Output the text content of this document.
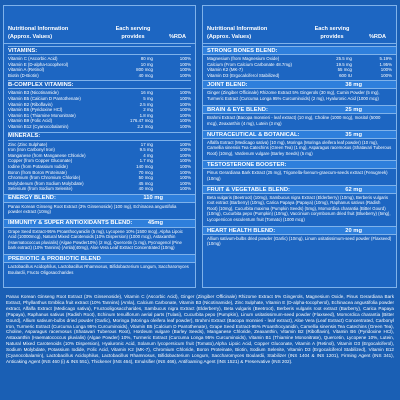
Nutritional Information
(Approx. Values)
Each serving
provides	%RDA
VITAMINS:
Vitamin C (Ascorbic Acid)	80 mg	100%
Vitamin E (D-alpha-tocopherol)	10 mg	100%
Vitamin A (Retinol)	800 mcg	100%
Biotin (D-Biotin)	40 mcg	100%
B-COMPLEX VITAMINS:
Vitamin B3 (Nicotinamide)	16 mg	100%
Vitamin B5 (Calcium D Pantothenate)	5 mg	100%
Vitamin B2 (Riboflavin)	2.5 mg	100%
Vitamin B6 (Pyridoxine HCl)	2 mg	100%
Vitamin B1 (Thiamine Mononitrate)	1.8 mg	100%
Vitamin B9 (Folic Acid)	176.47 mcg	100%
Vitamin B12 (Cyanocobalamin)	2.2 mcg	100%
MINERALS:
Zinc (Zinc Sulphate)	17 mg	100%
Iron (Iron Carbonyl Iron)	9.5 mg	100%
Manganese (from Manganese Chloride)	4 mg	100%
Copper (from Copper Gluconate)	1.7 mg	100%
Iodine (from Potassium Iodide)	140 mcg	100%
Boron (from Boron Proteinate)	70 mcg	100%
Chromium (from Chromium Chloride)	50 mcg	100%
Molybdenum (from Sodium Molybdate)	45 mcg	100%
Selenium (from Sodium Selenite)	40 mcg	100%
ENERGY BLEND:	110 mg
Panax Korean Ginseng Root Extract (3% Ginsenoside) (100 mg), Echinacea angustifolia powder extract (10mg)
IMMUNITY & SUPER ANTIOXIDANTS BLEND:	45mg
Grape Seed Extract-95% Proanthocyanidin (5 mg), Lycopene 10% (1500 mcg), Alpha Lipoic Acid (10000mcg), Natural Mixed Carotenoids (10% Dispersion) (1000 mcg), Astaxanthin (Haematococcus pluvialis) (Algae Powder10%) (2 mg), Quercetin (1 mg), Pycnogenol (Pine bark extract) (10% Tannins) (Amla)(40mg), Aloe Vera Leaf Extract Concentrated (10mg)
PREBIOTIC & PROBIOTIC BLEND
Lactobacillus Acidophilus, Lactobacillus Rhamnosus, Bifidobacterium Longum, Saccharomyces Boulardii, Fructo Oligosaccharides
Nutritional Information
(Approx. Values)
Each serving
provides	%RDA
STRONG BONES BLEND:
Magnesium (from Magnesium Oxide)	25.5 mg	5.19%
Calcium (From Calcium Carbonate 48.7mg)	19.5 mg	1.95%
Vitamin K2 (MK-7)	55 mcg	100%
Vitamin D3 (Ergocalciferol Stabilized)	600 IU	100%
JOINT BLEND:	38 mg
Ginger (Zingiber Officinale) Rhizome Extract 5% Gingerols (30 mg), Cumin Powder (5 mg), Turmeric Extract (Curcuma Longa 95% Curcuminoids) (2 mg), Hyaluronic Acid (1000 mcg)
BRAIN & EYE BLEND:	25 mg
Brahmi Extract (Bacopa monnieri - leaf extract) (10 mg), Choline (1000 mcg), Inositol (5000 mcg), Zeaxanthin (4 mg), Lutein (3 mg)
NUTRACEUTICAL & BOTANICAL:	35 mg
Alfalfa Extract (Medicago sativa) (10 mg), Moringa (Moringa oleifera leaf powder) (10 mg), Camellia sinensis Tea Catechins (Green Tea) (1 mg), Asparagus racemosus (Shatavari Tuberous Root) (10mg), Vardenum vulgare (Barley Seeds) (5 mg)
TESTOSTERONE BOOSTER:
Pinus Gerardiana Bark Extract (25 mg), Trigonella-foenum-graecum-seeds extract (Fenugreek) (10mg)
FRUIT & VEGETABLE BLEND:	62 mg
Beta vulgaris (Beetroot) (10mg), Sambucus nigra Extract (Elderberry) (10mg), Berberis vulgaris root extract (Barberry) (10mg), Carica Papaya (Papaya) (10mg), Raphanus sativus (Radish Root) (10mg), Cucurbita maxima (Pumpkin Seeds) (5mg), Momordica charantia (Bitter Gourd) (10mg), Cucurbita pepo (Pumpkin) (10mg), Vaccinium corymbosum dried fruit (Blueberry) (5mg), Lycopersicon esculentum fruit (Tomato) (1000 mcg)
HEART HEALTH BLEND:	20 mg
Allium sativum-bulbs dried powder (Garlic) (10mg), Linum usitatissimum-seed powder (Flaxseed) (10mg)
Panax Korean Ginseng Root Extract (3% Ginsenoside), Vitamin C (Ascorbic Acid), Ginger (Zingiber Officinale) Rhizome Extract 5% Gingerols, Magnesium Oxide, Pinus Gerardiana Bark Extract, Phyllanthus Emblica fruit extract (10% Tannins) (Amla), Calcium Carbonate, Vitamin B3 (Nicotinamide), Zinc Sulphate, Vitamin E (D-alpha-tocopherol), Echinacea angustifolia powder extract, Alfalfa Extract (Medicago sativa), Fructooligosaccharides, Sambucus nigra Extract (Elderberry), Beta vulgaris (Beetroot), Berberis vulgaris root extract (Barberry), Carica Papaya (Papaya), Raphanus sativus (Radish Root), Echinum tenuiflorum aerial parts (Tulasi), Cucurbita pepo (Pumpkin), Linum usitatissimum-seed powder (Flaxseed), Momordica charantia (Bitter Gourd), Allium sativum-bulbs dried powder (Garlic), Moringa (Moringa oleifera leaf powder), Brahmi Extract (Bacopa monnieri - leaf extract), Aloe Vera (Leaf Extract) Concentrated, Carbonyl Iron, Turmeric Extract (Curcuma Longa 95% Curcuminoids), Vitamin B5 (Calcium D Pantothenate), Grape Seed Extract-95% Proanthocyanidin, Camellia sinensis Tea Catechins (Green Tea), Choline, Asparagus racemosus (Shatavari Tuberous Root), Hordeum vulgare (Barley Seeds), Manganese Chloride, Zeaxanthin, Vitamin B2 (Riboflavin), Vitamin B6 (Pyridoxine HCl), Astaxanthin (Haematococcus pluvialis) (Algae Powder) 10%, Turmeric Extract (Curcuma Longa 95% Curcuminoids), Vitamin B1 (Thiamine Mononitrate), Quercetin, Lycopene 10%, Lutein, Natural Mixed Carotenoids (10% Dispersion), Hyaluronic Acid, Solanum lycopersicum fruit (Tomato),Alpha Lipoic Acid, Copper Gluconate, Vitamin A (Retinol), Vitamin D3 (Ergocalciferol), Sodium Molybdate, Potassium Iodide, Folic Acid, Vitamin K2 (MK-7), Chromium Chloride, Boron Proteinate, Biotin, Sodium Selenite, Vitamin D3 (Ergocalciferol Stabilized), Vitamin B12 (Cyanocobalamin), Lactobacillus Acidophilus, Lactobacillus Rhamnosus, Bifidobacterium Longum, Saccharomyces Boulardii, Stabilizer (INS 1404 & INS 1201), Firming Agent (INS 341), Anticaking Agent (INS 460 (i) & INS 551), Thickener (INS 464), Emulsifier (INS 466), Antifoaming Agent (INS 1521) & Preservative (INS 202).
